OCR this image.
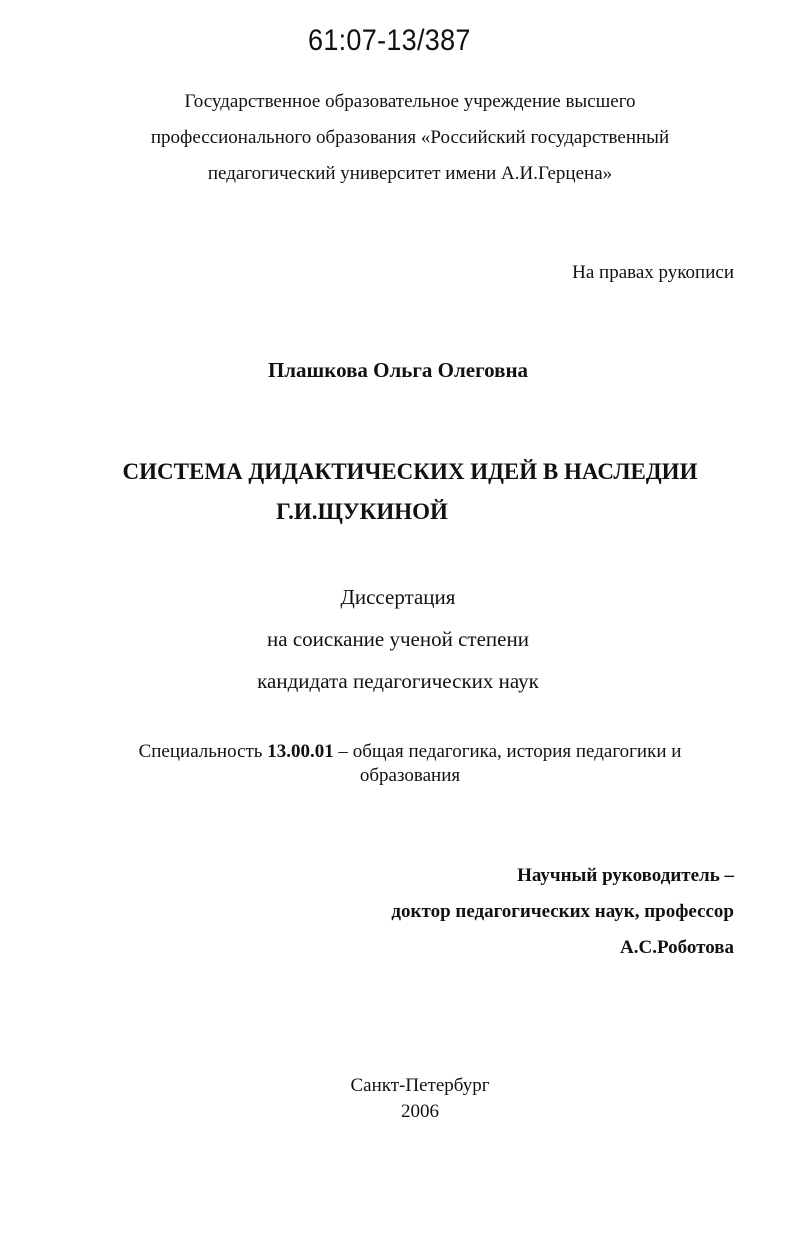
61:07-13/387
Государственное образовательное учреждение высшего
профессионального образования «Российский государственный
педагогический университет имени А.И.Герцена»
На правах рукописи
Плашкова Ольга Олеговна
СИСТЕМА ДИДАКТИЧЕСКИХ ИДЕЙ В НАСЛЕДИИ
Г.И.ЩУКИНОЙ
Диссертация
на соискание ученой степени
кандидата педагогических наук
Специальность 13.00.01 – общая педагогика, история педагогики и
образования
Научный руководитель –
доктор педагогических наук, профессор
А.С.Роботова
Санкт-Петербург
2006
